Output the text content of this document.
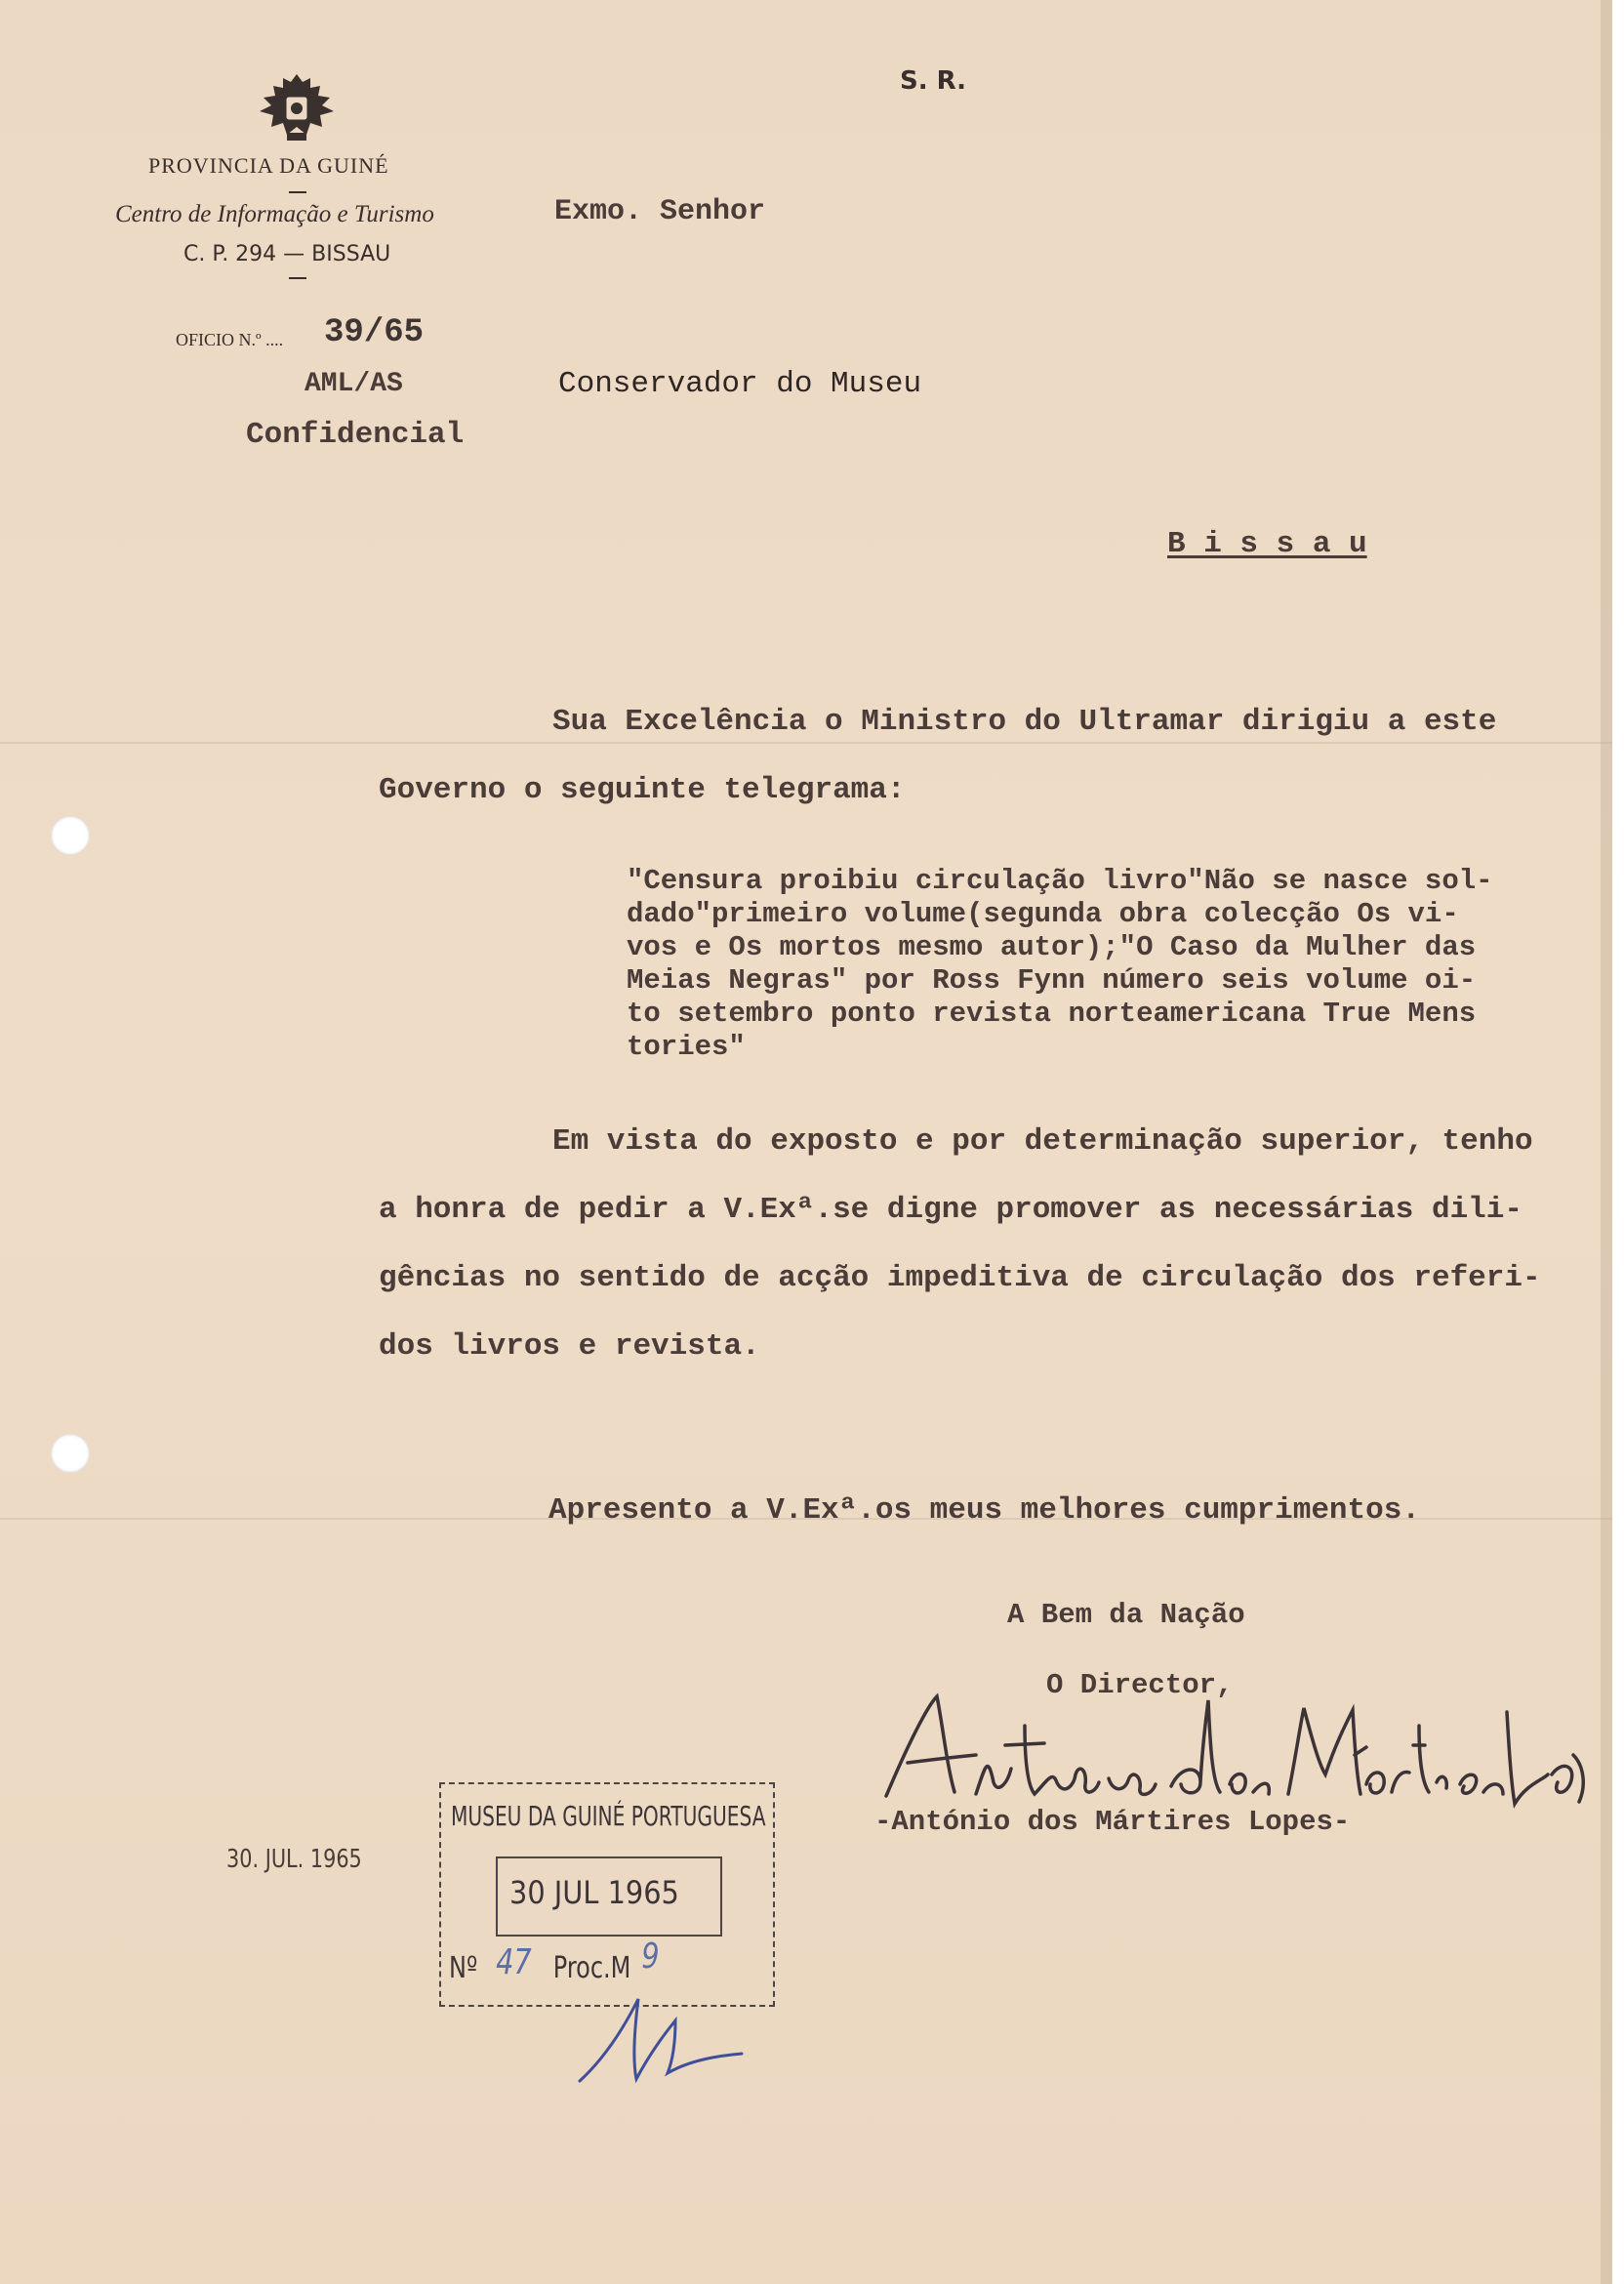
PROVINCIA DA GUINÉ
Centro de Informação e Turismo
C. P. 294 — BISSAU
OFICIO N.º .... 39/65
AML/AS
Confidencial
S. R.
Exmo. Senhor
Conservador do Museu
B i s s a u
Sua Excelência o Ministro do Ultramar dirigiu a este
Governo o seguinte telegrama:
"Censura proibiu circulação livro"Não se nasce sol-
dado"primeiro volume(segunda obra colecção Os vi-
vos e Os mortos mesmo autor);"O Caso da Mulher das
Meias Negras" por Ross Fynn número seis volume oi-
to setembro ponto revista norteamericana True Mens
tories"
Em vista do exposto e por determinação superior, tenho
a honra de pedir a V.Exª.se digne promover as necessárias dili-
gências no sentido de acção impeditiva de circulação dos referi-
dos livros e revista.
Apresento a V.Exª.os meus melhores cumprimentos.
A Bem da Nação
O Director,
-António dos Mártires Lopes-
30. JUL. 1965
MUSEU DA GUINÉ PORTUGUESA
30 JUL 1965
Nº 47 Proc.M 9
